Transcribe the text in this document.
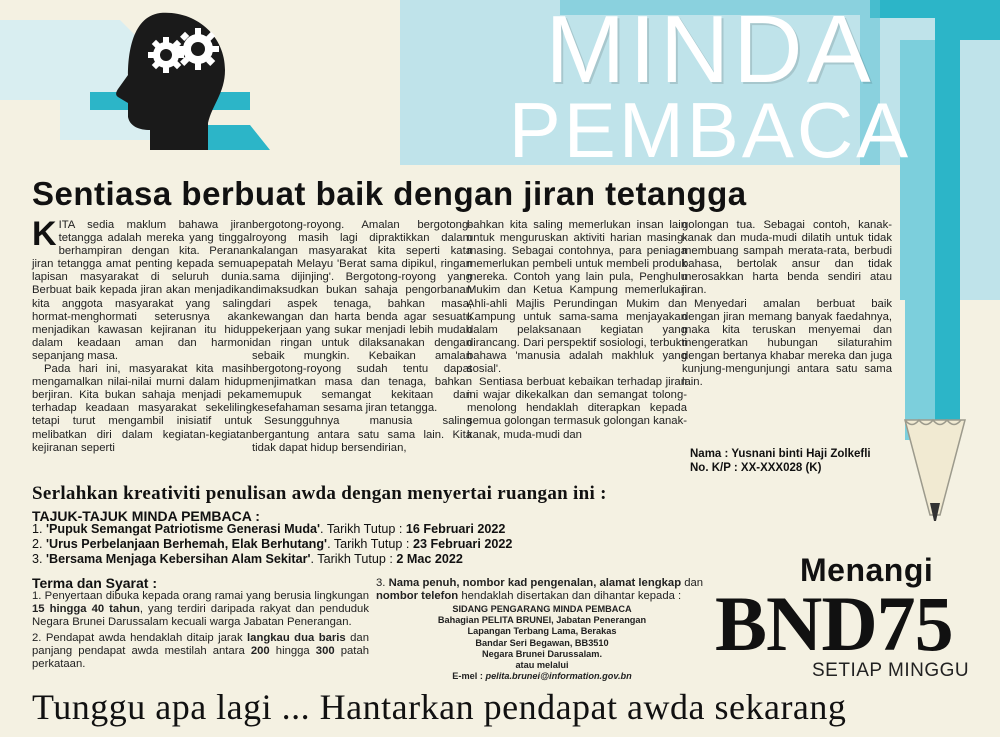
MINDA
PEMBACA
Sentiasa berbuat baik dengan jiran tetangga

KITA sedia maklum bahawa jiran tetangga adalah mereka yang tinggal berhampiran dengan kita. Peranan jiran tetangga amat penting kepada semua lapisan masyarakat di seluruh dunia. Berbuat baik kepada jiran akan menjadikan kita anggota masyarakat yang saling hormat-menghormati seterusnya akan menjadikan kawasan kejiranan itu hidup dalam keadaan aman dan harmoni sepanjang masa.

Pada hari ini, masyarakat kita masih mengamalkan nilai-nilai murni dalam hidup berjiran. Kita bukan sahaja menjadi peka terhadap keadaan masyarakat sekeliling tetapi turut mengambil inisiatif untuk melibatkan diri dalam kegiatan-kegiatan kejiranan seperti

bergotong-royong. Amalan bergotong-royong masih lagi dipraktikkan dalam kalangan masyarakat kita seperti kata pepatah Melayu 'Berat sama dipikul, ringan sama dijinjing'. Bergotong-royong yang dimaksudkan bukan sahaja pengorbanan dari aspek tenaga, bahkan masa, kewangan dan harta benda agar sesuatu pekerjaan yang sukar menjadi lebih mudah dan ringan untuk dilaksanakan dengan sebaik mungkin. Kebaikan amalan bergotong-royong sudah tentu dapat menjimatkan masa dan tenaga, bahkan memupuk semangat kekitaan dan kesefahaman sesama jiran tetangga.

Sesungguhnya manusia saling bergantung antara satu sama lain. Kita tidak dapat hidup bersendirian,

bahkan kita saling memerlukan insan lain untuk menguruskan aktiviti harian masing-masing. Sebagai contohnya, para peniaga memerlukan pembeli untuk membeli produk mereka. Contoh yang lain pula, Penghulu Mukim dan Ketua Kampung memerlukan Ahli-ahli Majlis Perundingan Mukim dan Kampung untuk sama-sama menjayakan dalam pelaksanaan kegiatan yang dirancang. Dari perspektif sosiologi, terbukti bahawa 'manusia adalah makhluk yang sosial'.

Sentiasa berbuat kebaikan terhadap jiran ini wajar dikekalkan dan semangat tolong-menolong hendaklah diterapkan kepada semua golongan termasuk golongan kanak-kanak, muda-mudi dan

golongan tua. Sebagai contoh, kanak-kanak dan muda-mudi dilatih untuk tidak membuang sampah merata-rata, berbudi bahasa, bertolak ansur dan tidak merosakkan harta benda sendiri atau jiran.

Menyedari amalan berbuat baik dengan jiran memang banyak faedahnya, maka kita teruskan menyemai dan mengeratkan hubungan silaturahim dengan bertanya khabar mereka dan juga kunjung-mengunjungi antara satu sama lain.

Nama : Yusnani binti Haji Zolkefli
No. K/P : XX-XXX028 (K)
Serlahkan kreativiti penulisan awda dengan menyertai ruangan ini :
TAJUK-TAJUK MINDA PEMBACA :
1. 'Pupuk Semangat Patriotisme Generasi Muda'. Tarikh Tutup : 16 Februari 2022
2. 'Urus Perbelanjaan Berhemah, Elak Berhutang'. Tarikh Tutup : 23 Februari 2022
3. 'Bersama Menjaga Kebersihan Alam Sekitar'. Tarikh Tutup : 2 Mac 2022
Terma dan Syarat :

1. Penyertaan dibuka kepada orang ramai yang berusia lingkungan 15 hingga 40 tahun, yang terdiri daripada rakyat dan penduduk Negara Brunei Darussalam kecuali warga Jabatan Penerangan.

2. Pendapat awda hendaklah ditaip jarak langkau dua baris dan panjang pendapat awda mestilah antara 200 hingga 300 patah perkataan.

3. Nama penuh, nombor kad pengenalan, alamat lengkap dan nombor telefon hendaklah disertakan dan dihantar kepada :
SIDANG PENGARANG MINDA PEMBACA
Bahagian PELITA BRUNEI, Jabatan Penerangan
Lapangan Terbang Lama, Berakas
Bandar Seri Begawan, BB3510
Negara Brunei Darussalam.
atau melalui
E-mel : pelita.brunei@information.gov.bn
Menangi
BND75
SETIAP MINGGU
Tunggu apa lagi ... Hantarkan pendapat awda sekarang
